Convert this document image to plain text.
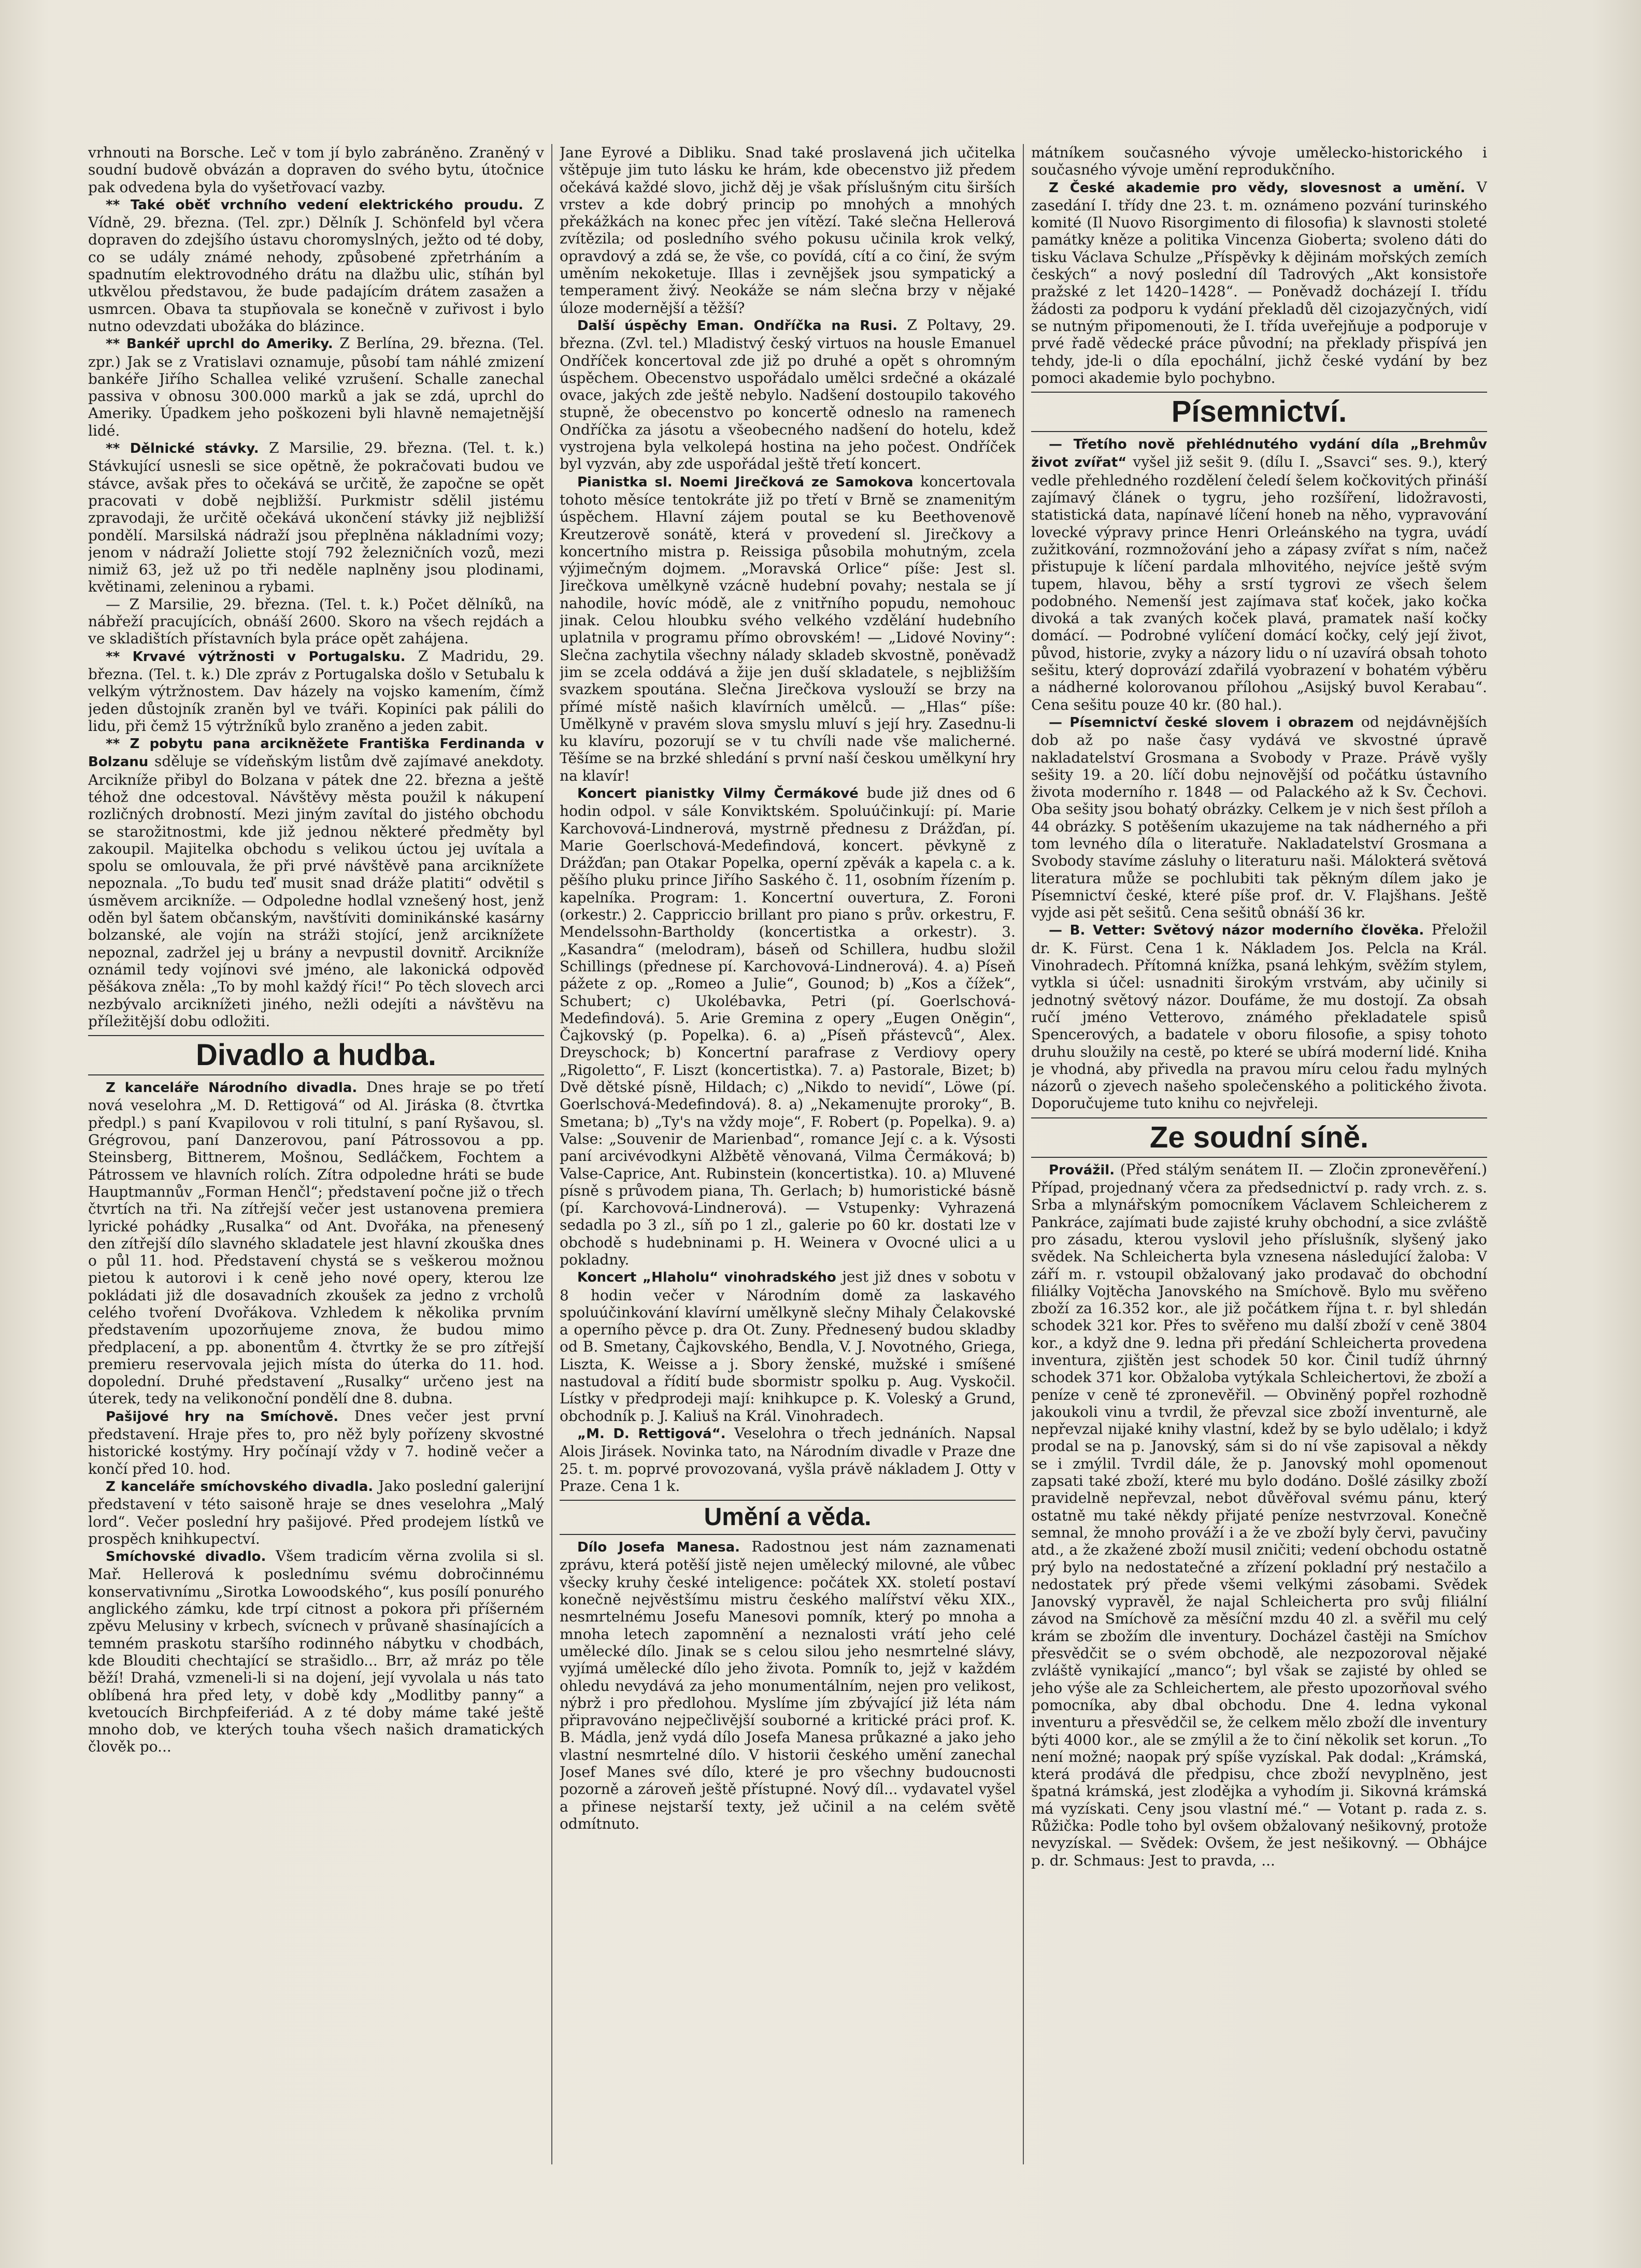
vrhnouti na Borsche. Leč v tom jí bylo zabráněno. Zraněný v soudní budově obvázán a dopraven do svého bytu, útočnice pak odvedena byla do vyšetřovací vazby.

** Také oběť vrchního vedení elektrického proudu. Z Vídně, 29. března. (Tel. zpr.) Dělník J. Schönfeld byl včera dopraven do zdejšího ústavu choromyslných, ježto od té doby, co se udály známé nehody, způsobené zpřetrháním a spadnutím elektrovodného drátu na dlažbu ulic, stíhán byl utkvělou představou, že bude padajícím drátem zasažen a usmrcen. Obava ta stupňovala se konečně v zuřivost i bylo nutno odevzdati ubožáka do blázince.

** Bankéř uprchl do Ameriky. Z Berlína, 29. března. (Tel. zpr.) Jak se z Vratislavi oznamuje, působí tam náhlé zmizení bankéře Jiřího Schallea veliké vzrušení. Schalle zanechal passiva v obnosu 300.000 marků a jak se zdá, uprchl do Ameriky. Úpadkem jeho poškozeni byli hlavně nemajetnější lidé.

** Dělnické stávky. Z Marsilie, 29. března. (Tel. t. k.) Stávkující usnesli se sice opětně, že pokračovati budou ve stávce, avšak přes to očekává se určitě, že započne se opět pracovati v době nejbližší. Purkmistr sdělil jistému zpravodaji, že určitě očekává ukončení stávky již nejbližší pondělí. Marsilská nádraží jsou přeplněna nákladními vozy; jenom v nádraží Joliette stojí 792 železničních vozů, mezi nimiž 63, jež už po tři neděle naplněny jsou plodinami, květinami, zeleninou a rybami.

— Z Marsilie, 29. března. (Tel. t. k.) Počet dělníků, na nábřeží pracujících, obnáší 2600. Skoro na všech rejdách a ve skladištích přístavních byla práce opět zahájena.

** Krvavé výtržnosti v Portugalsku. Z Madridu, 29. března. (Tel. t. k.) Dle zpráv z Portugalska došlo v Setubalu k velkým výtržnostem. Dav házely na vojsko kamením, čímž jeden důstojník zraněn byl ve tváři. Kopiníci pak pálili do lidu, při čemž 15 výtržníků bylo zraněno a jeden zabit.

** Z pobytu pana arcikněžete Františka Ferdinanda v Bolzanu sděluje se vídeňským listům dvě zajímavé anekdoty. Arcikníže přibyl do Bolzana v pátek dne 22. března a ještě téhož dne odcestoval. Návštěvy města použil k nákupení rozličných drobností. Mezi jiným zavítal do jistého obchodu se starožitnostmi, kde již jednou některé předměty byl zakoupil. Majitelka obchodu s velikou úctou jej uvítala a spolu se omlouvala, že při prvé návštěvě pana arciknížete nepoznala. „To budu teď musit snad dráže platiti“ odvětil s úsměvem arcikníže. — Odpoledne hodlal vznešený host, jenž oděn byl šatem občanským, navštíviti dominikánské kasárny bolzanské, ale vojín na stráži stojící, jenž arciknížete nepoznal, zadržel jej u brány a nevpustil dovnitř. Arcikníže oznámil tedy vojínovi své jméno, ale lakonická odpověď pěšákova zněla: „To by mohl každý říci!“ Po těch slovech arci nezbývalo arciknížeti jiného, nežli odejíti a návštěvu na příležitější dobu odložiti.

Divadlo a hudba.

Z kanceláře Národního divadla. Dnes hraje se po třetí nová veselohra „M. D. Rettigová“ od Al. Jiráska (8. čtvrtka předpl.) s paní Kvapilovou v roli titulní, s paní Ryšavou, sl. Grégrovou, paní Danzerovou, paní Pátrossovou a pp. Steinsberg, Bittnerem, Mošnou, Sedláčkem, Fochtem a Pátrossem ve hlavních rolích. Zítra odpoledne hráti se bude Hauptmannův „Forman Henčl“; představení počne již o třech čtvrtích na tři. Na zítřejší večer jest ustanovena premiera lyrické pohádky „Rusalka“ od Ant. Dvořáka, na přenesený den zítřejší dílo slavného skladatele jest hlavní zkouška dnes o půl 11. hod. Představení chystá se s veškerou možnou pietou k autorovi i k ceně jeho nové opery, kterou lze pokládati již dle dosavadních zkoušek za jedno z vrcholů celého tvoření Dvořákova. Vzhledem k několika prvním představením upozorňujeme znova, že budou mimo předplacení, a pp. abonentům 4. čtvrtky že se pro zítřejší premieru reservovala jejich místa do úterka do 11. hod. dopolední. Druhé představení „Rusalky“ určeno jest na úterek, tedy na velikonoční pondělí dne 8. dubna.

Pašijové hry na Smíchově. Dnes večer jest první představení. Hraje přes to, pro něž byly pořízeny skvostné historické kostýmy. Hry počínají vždy v 7. hodině večer a končí před 10. hod.

Z kanceláře smíchovského divadla. Jako poslední galerijní představení v této saisoně hraje se dnes veselohra „Malý lord“. Večer poslední hry pašijové. Před prodejem lístků ve prospěch knihkupectví.

Smíchovské divadlo. Všem tradicím věrna zvolila si sl. Mař. Hellerová k poslednímu svému dobročinnému konservativnímu „Sirotka Lowoodského“, kus posílí ponurého anglického zámku, kde trpí citnost a pokora při příšerném zpěvu Melusiny v krbech, svícnech v průvaně shasínajících a temném praskotu staršího rodinného nábytku v chodbách, kde Blouditi chechtající se strašidlo... Brr, až mráz po těle běží! Drahá, vzmeneli-li si na dojení, její vyvolala u nás tato oblíbená hra před lety, v době kdy „Modlitby panny“ a kvetoucích Birchpfeiferiád. A z té doby máme také ještě mnoho dob, ve kterých touha všech našich dramatických člověk po...

Jane Eyrové a Dibliku. Snad také proslavená jich učitelka vštěpuje jim tuto lásku ke hrám, kde obecenstvo již předem očekává každé slovo, jichž děj je však příslušným citu širších vrstev a kde dobrý princip po mnohých a mnohých překážkách na konec přec jen vítězí. Také slečna Hellerová zvítězila; od posledního svého pokusu učinila krok velký, opravdový a zdá se, že vše, co povídá, cítí a co činí, že svým uměním nekoketuje. Illas i zevnějšek jsou sympatický a temperament živý. Neokáže se nám slečna brzy v nějaké úloze modernější a těžší?

Další úspěchy Eman. Ondříčka na Rusi. Z Poltavy, 29. března. (Zvl. tel.) Mladistvý český virtuos na housle Emanuel Ondříček koncertoval zde již po druhé a opět s ohromným úspěchem. Obecenstvo uspořádalo umělci srdečné a okázalé ovace, jakých zde ještě nebylo. Nadšení dostoupilo takového stupně, že obecenstvo po koncertě odneslo na ramenech Ondříčka za jásotu a všeobecného nadšení do hotelu, kdež vystrojena byla velkolepá hostina na jeho počest. Ondříček byl vyzván, aby zde uspořádal ještě třetí koncert.

Pianistka sl. Noemi Jirečková ze Samokova koncertovala tohoto měsíce tentokráte již po třetí v Brně se znamenitým úspěchem. Hlavní zájem poutal se ku Beethovenově Kreutzerově sonátě, která v provedení sl. Jirečkovy a koncertního mistra p. Reissiga působila mohutným, zcela výjimečným dojmem. „Moravská Orlice“ píše: Jest sl. Jirečkova umělkyně vzácně hudební povahy; nestala se jí nahodile, hovíc módě, ale z vnitřního popudu, nemohouc jinak. Celou hloubku svého velkého vzdělání hudebního uplatnila v programu přímo obrovském! — „Lidové Noviny“: Slečna zachytila všechny nálady skladeb skvostně, poněvadž jim se zcela oddává a žije jen duší skladatele, s nejbližším svazkem spoutána. Slečna Jirečkova vyslouží se brzy na přímé místě našich klavírních umělců. — „Hlas“ píše: Umělkyně v pravém slova smyslu mluví s její hry. Zasednu-li ku klavíru, pozorují se v tu chvíli nade vše malicherné. Těšíme se na brzké shledání s první naší českou umělkyní hry na klavír!

Koncert pianistky Vilmy Čermákové bude již dnes od 6 hodin odpol. v sále Konviktském. Spoluúčinkují: pí. Marie Karchovová-Lindnerová, mystrně přednesu z Drážďan, pí. Marie Goerlschová-Medefindová, koncert. pěvkyně z Drážďan; pan Otakar Popelka, operní zpěvák a kapela c. a k. pěšího pluku prince Jiřího Saského č. 11, osobním řízením p. kapelníka. Program: 1. Koncertní ouvertura, Z. Foroni (orkestr.) 2. Cappriccio brillant pro piano s prův. orkestru, F. Mendelssohn-Bartholdy (koncertistka a orkestr). 3. „Kasandra“ (melodram), báseň od Schillera, hudbu složil Schillings (přednese pí. Karchovová-Lindnerová). 4. a) Píseň pážete z op. „Romeo a Julie“, Gounod; b) „Kos a čížek“, Schubert; c) Ukolébavka, Petri (pí. Goerlschová-Medefindová). 5. Arie Gremina z opery „Eugen Oněgin“, Čajkovský (p. Popelka). 6. a) „Píseň přástevců“, Alex. Dreyschock; b) Koncertní parafrase z Verdiovy opery „Rigoletto“, F. Liszt (koncertistka). 7. a) Pastorale, Bizet; b) Dvě dětské písně, Hildach; c) „Nikdo to nevidí“, Löwe (pí. Goerlschová-Medefindová). 8. a) „Nekamenujte proroky“, B. Smetana; b) „Ty's na vždy moje“, F. Robert (p. Popelka). 9. a) Valse: „Souvenir de Marienbad“, romance Její c. a k. Výsosti paní arcivévodkyni Alžbětě věnovaná, Vilma Čermáková; b) Valse-Caprice, Ant. Rubinstein (koncertistka). 10. a) Mluvené písně s průvodem piana, Th. Gerlach; b) humoristické básně (pí. Karchovová-Lindnerová). — Vstupenky: Vyhrazená sedadla po 3 zl., síň po 1 zl., galerie po 60 kr. dostati lze v obchodě s hudebninami p. H. Weinera v Ovocné ulici a u pokladny.

Koncert „Hlaholu“ vinohradského jest již dnes v sobotu v 8 hodin večer v Národním domě za laskavého spoluúčinkování klavírní umělkyně slečny Mihaly Čelakovské a operního pěvce p. dra Ot. Zuny. Přednesený budou skladby od B. Smetany, Čajkovského, Bendla, V. J. Novotného, Griega, Liszta, K. Weisse a j. Sbory ženské, mužské i smíšené nastudoval a řídití bude sbormistr spolku p. Aug. Vyskočil. Lístky v předprodeji mají: knihkupce p. K. Voleský a Grund, obchodník p. J. Kaliuš na Král. Vinohradech.

„M. D. Rettigová“. Veselohra o třech jednáních. Napsal Alois Jirásek. Novinka tato, na Národním divadle v Praze dne 25. t. m. poprvé provozovaná, vyšla právě nákladem J. Otty v Praze. Cena 1 k.

Umění a věda.

Dílo Josefa Manesa. Radostnou jest nám zaznamenati zprávu, která potěší jistě nejen umělecký milovné, ale vůbec všecky kruhy české inteligence: počátek XX. století postaví konečně nejvěstšímu mistru českého malířství věku XIX., nesmrtelnému Josefu Manesovi pomník, který po mnoha a mnoha letech zapomnění a neznalosti vrátí jeho celé umělecké dílo. Jinak se s celou silou jeho nesmrtelné slávy, vyjímá umělecké dílo jeho života. Pomník to, jejž v každém ohledu nevydává za jeho monumentálním, nejen pro velikost, nýbrž i pro předlohou. Myslíme jím zbývající již léta nám připravováno nejpečlivější souborné a kritické práci prof. K. B. Mádla, jenž vydá dílo Josefa Manesa průkazné a jako jeho vlastní nesmrtelné dílo. V historii českého umění zanechal Josef Manes své dílo, které je pro všechny budoucnosti pozorně a zároveň ještě přístupné. Nový díl... vydavatel vyšel a přinese nejstarší texty, jež učinil a na celém světě odmítnuto.

mátníkem současného vývoje umělecko-historického i současného vývoje umění reprodukčního.

Z České akademie pro vědy, slovesnost a umění. V zasedání I. třídy dne 23. t. m. oznámeno pozvání turinského komité (Il Nuovo Risorgimento di filosofia) k slavnosti stoleté památky kněze a politika Vincenza Gioberta; svoleno dáti do tisku Václava Schulze „Příspěvky k dějinám mořských zemích českých“ a nový poslední díl Tadrových „Akt konsistoře pražské z let 1420–1428“. — Poněvadž docházejí I. třídu žádosti za podporu k vydání překladů děl cizojazyčných, vidí se nutným připomenouti, že I. třída uveřejňuje a podporuje v prvé řadě vědecké práce původní; na překlady přispívá jen tehdy, jde-li o díla epochální, jichž české vydání by bez pomoci akademie bylo pochybno.

Písemnictví.

— Třetího nově přehlédnutého vydání díla „Brehmův život zvířat“ vyšel již sešit 9. (dílu I. „Ssavci“ ses. 9.), který vedle přehledného rozdělení čeledí šelem kočkovitých přináší zajímavý článek o tygru, jeho rozšíření, lidožravosti, statistická data, napínavé líčení honeb na něho, vypravování lovecké výpravy prince Henri Orleánského na tygra, uvádí zužitkování, rozmnožování jeho a zápasy zvířat s ním, načež přistupuje k líčení pardala mlhovitého, nejvíce ještě svým tupem, hlavou, běhy a srstí tygrovi ze všech šelem podobného. Nemenší jest zajímava stať koček, jako kočka divoká a tak zvaných koček plavá, pramatek naší kočky domácí. — Podrobné vylíčení domácí kočky, celý její život, původ, historie, zvyky a názory lidu o ní uzavírá obsah tohoto sešitu, který doprovází zdařilá vyobrazení v bohatém výběru a nádherné kolorovanou přílohou „Asijský buvol Kerabau“. Cena sešitu pouze 40 kr. (80 hal.).

— Písemnictví české slovem i obrazem od nejdávnějších dob až po naše časy vydává ve skvostné úpravě nakladatelství Grosmana a Svobody v Praze. Právě vyšly sešity 19. a 20. líčí dobu nejnovější od počátku ústavního života moderního r. 1848 — od Palackého až k Sv. Čechovi. Oba sešity jsou bohatý obrázky. Celkem je v nich šest příloh a 44 obrázky. S potěšením ukazujeme na tak nádherného a při tom levného díla o literatuře. Nakladatelství Grosmana a Svobody stavíme zásluhy o literaturu naši. Málokterá světová literatura může se pochlubiti tak pěkným dílem jako je Písemnictví české, které píše prof. dr. V. Flajšhans. Ještě vyjde asi pět sešitů. Cena sešitů obnáší 36 kr.

— B. Vetter: Světový názor moderního člověka. Přeložil dr. K. Fürst. Cena 1 k. Nákladem Jos. Pelcla na Král. Vinohradech. Přítomná knížka, psaná lehkým, svěžím stylem, vytkla si účel: usnadniti širokým vrstvám, aby učinily si jednotný světový názor. Doufáme, že mu dostojí. Za obsah ručí jméno Vetterovo, známého překladatele spisů Spencerových, a badatele v oboru filosofie, a spisy tohoto druhu sloužily na cestě, po které se ubírá moderní lidé. Kniha je vhodná, aby přivedla na pravou míru celou řadu mylných názorů o zjevech našeho společenského a politického života. Doporučujeme tuto knihu co nejvřeleji.

Ze soudní síně.

Provážil. (Před stálým senátem II. — Zločin zpronevěření.) Případ, projednaný včera za předsednictví p. rady vrch. z. s. Srba a mlynářským pomocníkem Václavem Schleicherem z Pankráce, zajímati bude zajisté kruhy obchodní, a sice zvláště pro zásadu, kterou vyslovil jeho příslušník, slyšený jako svědek. Na Schleicherta byla vznesena následující žaloba: V září m. r. vstoupil obžalovaný jako prodavač do obchodní filiálky Vojtěcha Janovského na Smíchově. Bylo mu svěřeno zboží za 16.352 kor., ale již počátkem října t. r. byl shledán schodek 321 kor. Přes to svěřeno mu další zboží v ceně 3804 kor., a když dne 9. ledna při předání Schleicherta provedena inventura, zjištěn jest schodek 50 kor. Činil tudíž úhrnný schodek 371 kor. Obžaloba vytýkala Schleichertovi, že zboží a peníze v ceně té zpronevěřil. — Obviněný popřel rozhodně jakoukoli vinu a tvrdil, že převzal sice zboží inventurně, ale nepřevzal nijaké knihy vlastní, kdež by se bylo udělalo; i když prodal se na p. Janovský, sám si do ní vše zapisoval a někdy se i zmýlil. Tvrdil dále, že p. Janovský mohl opomenout zapsati také zboží, které mu bylo dodáno. Došlé zásilky zboží pravidelně nepřevzal, nebot důvěřoval svému pánu, který ostatně mu také někdy přijaté peníze nestvrzoval. Konečně semnal, že mnoho prováží i a že ve zboží byly červi, pavučiny atd., a že zkažené zboží musil zničiti; vedení obchodu ostatně prý bylo na nedostatečné a zřízení pokladní prý nestačilo a nedostatek prý přede všemi velkými zásobami. Svědek Janovský vypravěl, že najal Schleicherta pro svůj filiální závod na Smíchově za měsíční mzdu 40 zl. a svěřil mu celý krám se zbožím dle inventury. Docházel častěji na Smíchov přesvědčit se o svém obchodě, ale nezpozoroval nějaké zvláště vynikající „manco“; byl však se zajisté by ohled se jeho výše ale za Schleichertem, ale přesto upozorňoval svého pomocníka, aby dbal obchodu. Dne 4. ledna vykonal inventuru a přesvědčil se, že celkem mělo zboží dle inventury býti 4000 kor., ale se zmýlil a že to činí několik set korun. „To není možné; naopak prý spíše vyzískal. Pak dodal: „Krámská, která prodává dle předpisu, chce zboží nevyplněno, jest špatná krámská, jest zlodějka a vyhodím ji. Sikovná krámská má vyzískati. Ceny jsou vlastní mé.“ — Votant p. rada z. s. Růžička: Podle toho byl ovšem obžalovaný nešikovný, protože nevyzískal. — Svědek: Ovšem, že jest nešikovný. — Obhájce p. dr. Schmaus: Jest to pravda, ...
